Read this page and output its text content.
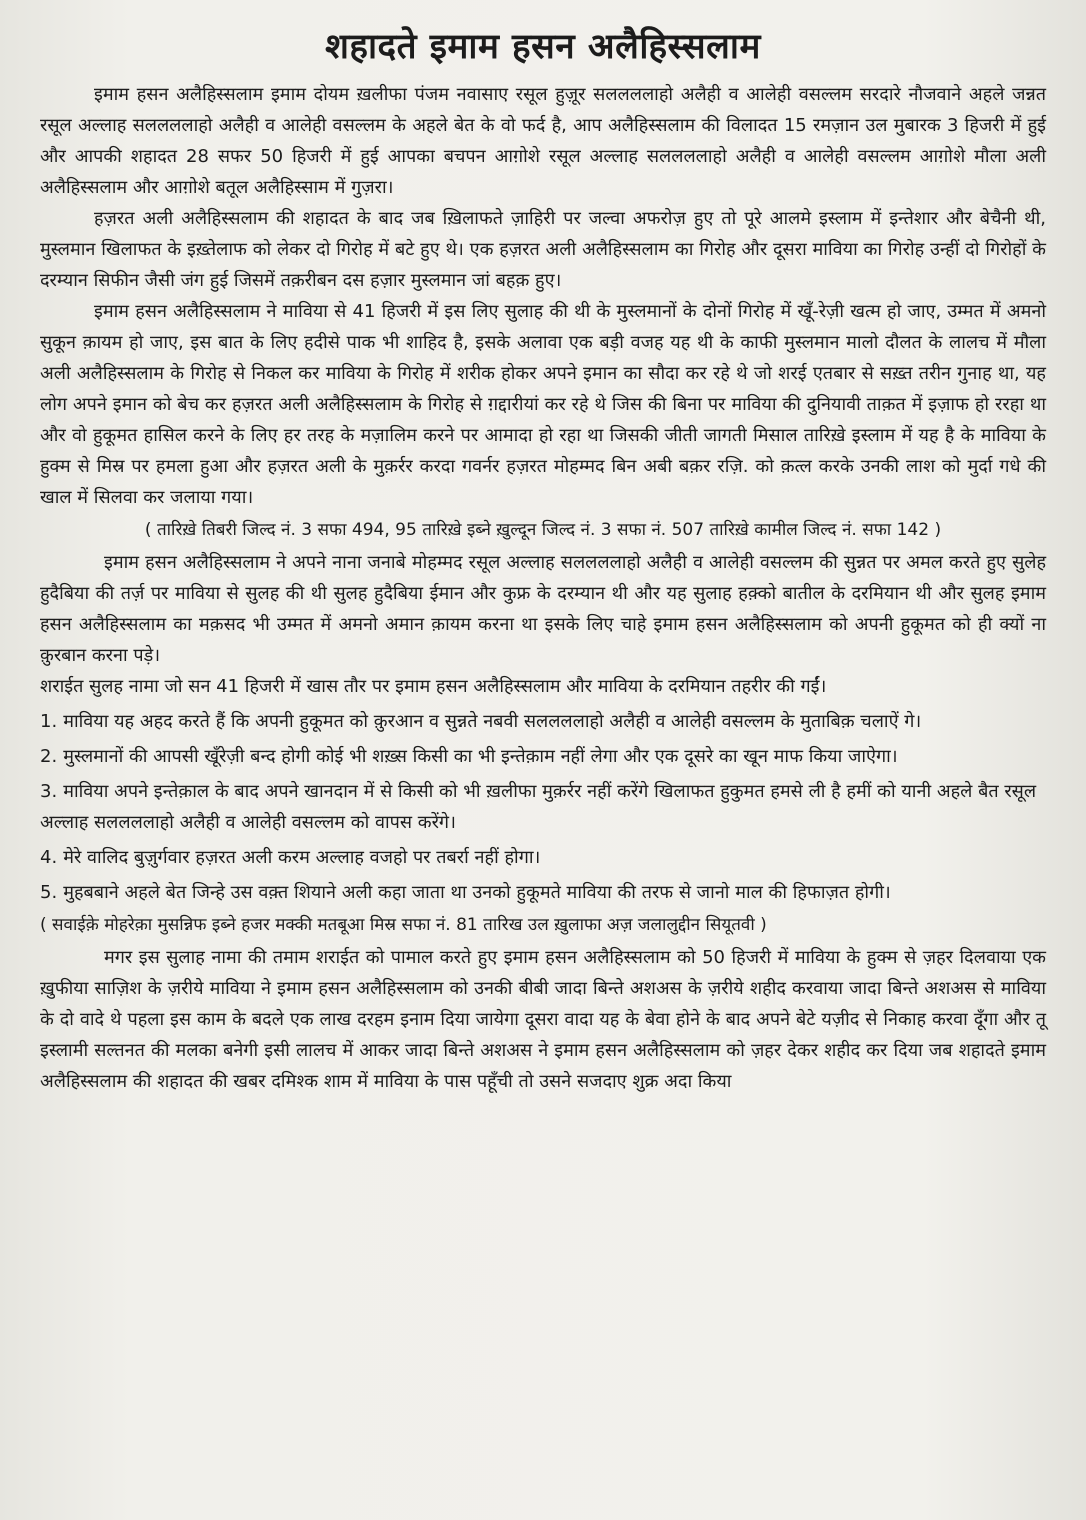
शहादते इमाम हसन अलैहिस्सलाम

इमाम हसन अलैहिस्सलाम इमाम दोयम ख़लीफा पंजम नवासाए रसूल हुज़ूर सललललाहो अलैही व आलेही वसल्लम सरदारे नौजवाने अहले जन्नत रसूल अल्लाह सललललाहो अलैही व आलेही वसल्लम के अहले बेत के वो फर्द है, आप अलैहिस्सलाम की विलादत 15 रमज़ान उल मुबारक 3 हिजरी में हुई और आपकी शहादत 28 सफर 50 हिजरी में हुई आपका बचपन आग़ोशे रसूल अल्लाह सललललाहो अलैही व आलेही वसल्लम आग़ोशे मौला अली अलैहिस्सलाम और आग़ोशे बतूल अलैहिस्साम में गुज़रा।

हज़रत अली अलैहिस्सलाम की शहादत के बाद जब ख़िलाफते ज़ाहिरी पर जल्वा अफरोज़ हुए तो पूरे आलमे इस्लाम में इन्तेशार और बेचैनी थी, मुस्लमान खिलाफत के इख़्तेलाफ को लेकर दो गिरोह में बटे हुए थे। एक हज़रत अली अलैहिस्सलाम का गिरोह और दूसरा माविया का गिरोह उन्हीं दो गिरोहों के दरम्यान सिफीन जैसी जंग हुई जिसमें तक़रीबन दस हज़ार मुस्लमान जां बहक़ हुए।

इमाम हसन अलैहिस्सलाम ने माविया से 41 हिजरी में इस लिए सुलाह की थी के मुस्लमानों के दोनों गिरोह में खूँ-रेज़ी खत्म हो जाए, उम्मत में अमनो सुकून क़ायम हो जाए, इस बात के लिए हदीसे पाक भी शाहिद है, इसके अलावा एक बड़ी वजह यह थी के काफी मुस्लमान मालो दौलत के लालच में मौला अली अलैहिस्सलाम के गिरोह से निकल कर माविया के गिरोह में शरीक होकर अपने इमान का सौदा कर रहे थे जो शरई एतबार से सख़्त तरीन गुनाह था, यह लोग अपने इमान को बेच कर हज़रत अली अलैहिस्सलाम के गिरोह से ग़द्दारीयां कर रहे थे जिस की बिना पर माविया की दुनियावी ताक़त में इज़ाफ हो ररहा था और वो हुकूमत हासिल करने के लिए हर तरह के मज़ालिम करने पर आमादा हो रहा था जिसकी जीती जागती मिसाल तारिख़े इस्लाम में यह है के माविया के हुक्म से मिस्र पर हमला हुआ और हज़रत अली के मुक़र्रर करदा गवर्नर हज़रत मोहम्मद बिन अबी बक़र रज़ि. को क़त्ल करके उनकी लाश को मुर्दा गधे की खाल में सिलवा कर जलाया गया।

( तारिख़े तिबरी जिल्द नं. 3 सफा 494, 95 तारिख़े इब्ने ख़ुल्दून जिल्द नं. 3 सफा नं. 507 तारिख़े कामील जिल्द नं. सफा 142 )

इमाम हसन अलैहिस्सलाम ने अपने नाना जनाबे मोहम्मद रसूल अल्लाह सललललाहो अलैही व आलेही वसल्लम की सुन्नत पर अमल करते हुए सुलेह हुदैबिया की तर्ज़ पर माविया से सुलह की थी सुलह हुदैबिया ईमान और कुफ्र के दरम्यान थी और यह सुलाह हक़्को बातील के दरमियान थी और सुलह इमाम हसन अलैहिस्सलाम का मक़सद भी उम्मत में अमनो अमान क़ायम करना था इसके लिए चाहे इमाम हसन अलैहिस्सलाम को अपनी हुकूमत को ही क्यों ना क़ुरबान करना पड़े।

शराईत सुलह नामा जो सन 41 हिजरी में खास तौर पर इमाम हसन अलैहिस्सलाम और माविया के दरमियान तहरीर की गईं।

1. माविया यह अहद करते हैं कि अपनी हुकूमत को क़ुरआन व सुन्नते नबवी सललललाहो अलैही व आलेही वसल्लम के मुताबिक़ चलाऐं गे।

2. मुस्लमानों की आपसी खूँरेज़ी बन्द होगी कोई भी शख़्स किसी का भी इन्तेक़ाम नहीं लेगा और एक दूसरे का खून माफ किया जाऐगा।

3. माविया अपने इन्तेक़ाल के बाद अपने खानदान में से किसी को भी ख़लीफा मुक़र्रर नहीं करेंगे खिलाफत हुकुमत हमसे ली है हमीं को यानी अहले बैत रसूल अल्लाह सललललाहो अलैही व आलेही वसल्लम को वापस करेंगे।

4. मेरे वालिद बुज़ुर्गवार हज़रत अली करम अल्लाह वजहो पर तबर्रा नहीं होगा।

5. मुहबबाने अहले बेत जिन्हे उस वक़्त शियाने अली कहा जाता था उनको हुकूमते माविया की तरफ से जानो माल की हिफाज़त होगी।

( सवाईक़े मोहरेक़ा मुसन्निफ इब्ने हजर मक्की मतबूआ मिस्र सफा नं. 81 तारिख उल ख़ुलाफा अज़ जलालुद्दीन सियूतवी )

मगर इस सुलाह नामा की तमाम शराईत को पामाल करते हुए इमाम हसन अलैहिस्सलाम को 50 हिजरी में माविया के हुक्म से ज़हर दिलवाया एक ख़ुफीया साज़िश के ज़रीये माविया ने इमाम हसन अलैहिस्सलाम को उनकी बीबी जादा बिन्ते अशअस के ज़रीये शहीद करवाया जादा बिन्ते अशअस से माविया के दो वादे थे पहला इस काम के बदले एक लाख दरहम इनाम दिया जायेगा दूसरा वादा यह के बेवा होने के बाद अपने बेटे यज़ीद से निकाह करवा दूँगा और तू इस्लामी सल्तनत की मलका बनेगी इसी लालच में आकर जादा बिन्ते अशअस ने इमाम हसन अलैहिस्सलाम को ज़हर देकर शहीद कर दिया जब शहादते इमाम अलैहिस्सलाम की शहादत की खबर दमिश्क शाम में माविया के पास पहूँची तो उसने सजदाए शुक्र अदा किया
